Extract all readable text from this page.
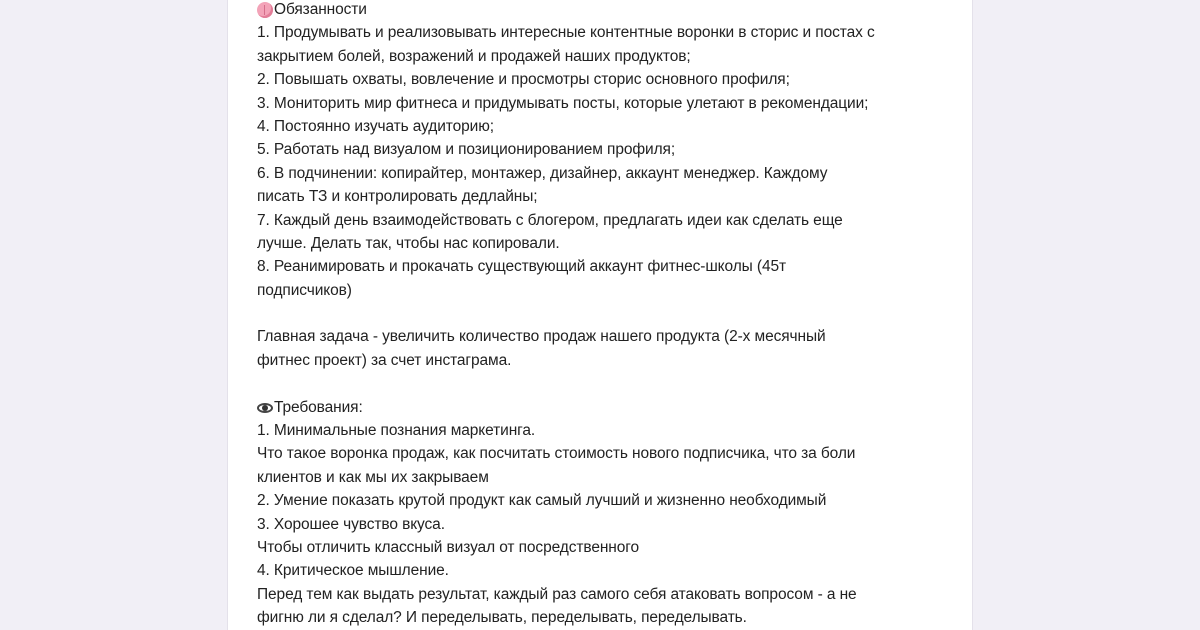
Обязанности
1. Продумывать и реализовывать интересные контентные воронки в сторис и постах с
закрытием болей, возражений и продажей наших продуктов;
2. Повышать охваты, вовлечение и просмотры сторис основного профиля;
3. Мониторить мир фитнеса и придумывать посты, которые улетают в рекомендации;
4. Постоянно изучать аудиторию;
5. Работать над визуалом и позиционированием профиля;
6. В подчинении: копирайтер, монтажер, дизайнер, аккаунт менеджер. Каждому
писать ТЗ и контролировать дедлайны;
7. Каждый день взаимодействовать с блогером, предлагать идеи как сделать еще
лучше. Делать так, чтобы нас копировали.
8. Реанимировать и прокачать существующий аккаунт фитнес-школы (45т
подписчиков)
Главная задача - увеличить количество продаж нашего продукта (2-х месячный
фитнес проект) за счет инстаграма.
Требования:
1. Минимальные познания маркетинга.
Что такое воронка продаж, как посчитать стоимость нового подписчика, что за боли
клиентов и как мы их закрываем
2. Умение показать крутой продукт как самый лучший и жизненно необходимый
3. Хорошее чувство вкуса.
Чтобы отличить классный визуал от посредственного
4. Критическое мышление.
Перед тем как выдать результат, каждый раз самого себя атаковать вопросом - а не
фигню ли я сделал? И переделывать, переделывать, переделывать.
